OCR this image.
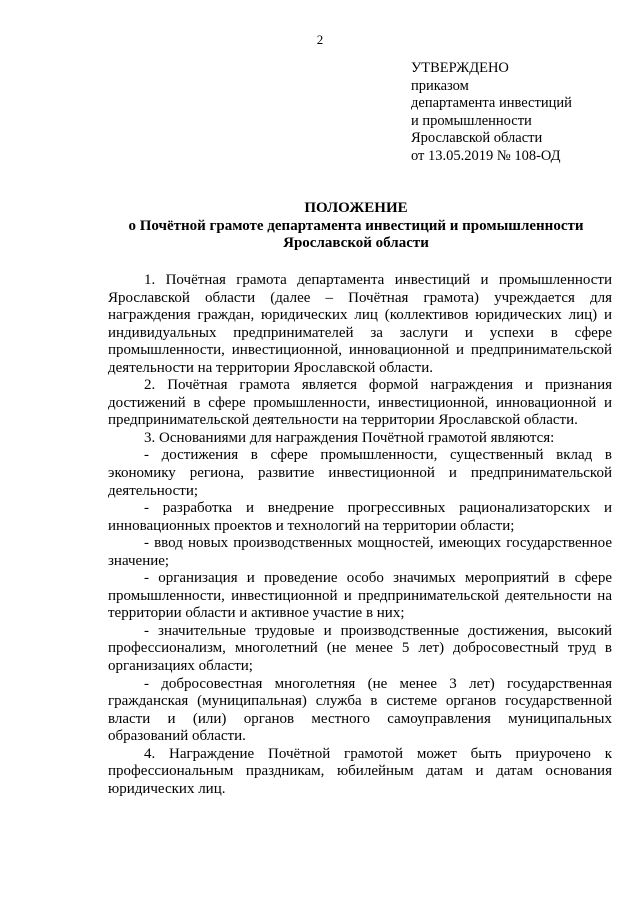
2
УТВЕРЖДЕНО
приказом
департамента инвестиций
и промышленности
Ярославской области
от 13.05.2019 № 108-ОД
ПОЛОЖЕНИЕ
о Почётной грамоте департамента инвестиций и промышленности
Ярославской области

1. Почётная грамота департамента инвестиций и промышленности Ярославской области (далее – Почётная грамота) учреждается для награждения граждан, юридических лиц (коллективов юридических лиц) и индивидуальных предпринимателей за заслуги и успехи в сфере промышленности, инвестиционной, инновационной и предпринимательской деятельности на территории Ярославской области.

2. Почётная грамота является формой награждения и признания достижений в сфере промышленности, инвестиционной, инновационной и предпринимательской деятельности на территории Ярославской области.

3. Основаниями для награждения Почётной грамотой являются:

- достижения в сфере промышленности, существенный вклад в экономику региона, развитие инвестиционной и предпринимательской деятельности;

- разработка и внедрение прогрессивных рационализаторских и инновационных проектов и технологий на территории области;

- ввод новых производственных мощностей, имеющих государственное значение;

- организация и проведение особо значимых мероприятий в сфере промышленности, инвестиционной и предпринимательской деятельности на территории области и активное участие в них;

- значительные трудовые и производственные достижения, высокий профессионализм, многолетний (не менее 5 лет) добросовестный труд в организациях области;

- добросовестная многолетняя (не менее 3 лет) государственная гражданская (муниципальная) служба в системе органов государственной власти и (или) органов местного самоуправления муниципальных образований области.

4. Награждение Почётной грамотой может быть приурочено к профессиональным праздникам, юбилейным датам и датам основания юридических лиц.
